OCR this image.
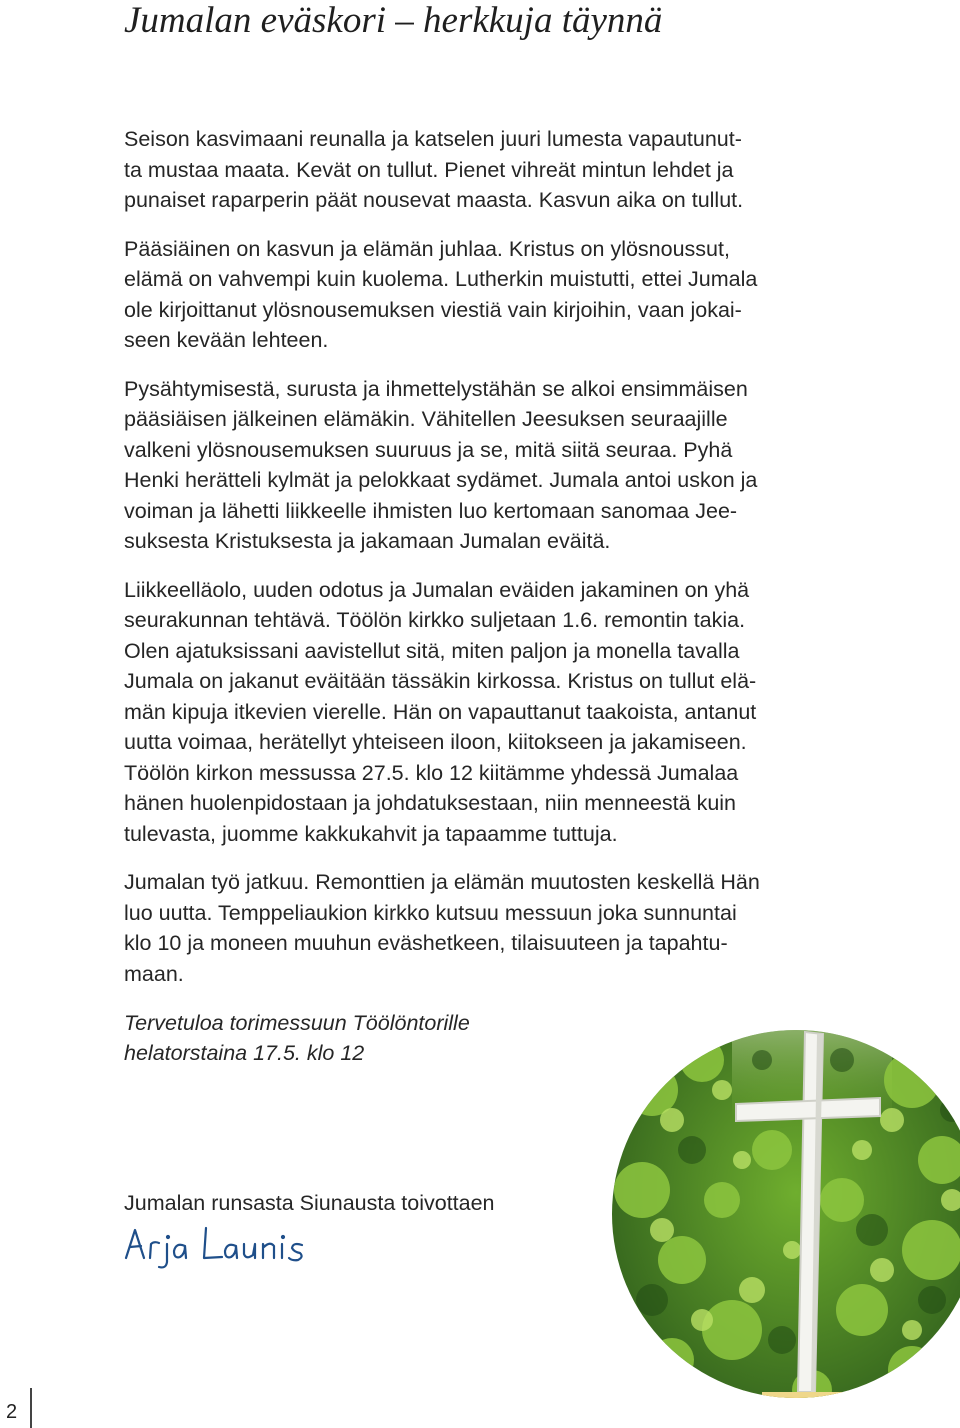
Jumalan eväskori – herkkuja täynnä

Seison kasvimaani reunalla ja katselen juuri lumesta vapautunut-
ta mustaa maata. Kevät on tullut. Pienet vihreät mintun lehdet ja
punaiset raparperin päät nousevat maasta. Kasvun aika on tullut.

Pääsiäinen on kasvun ja elämän juhlaa. Kristus on ylösnoussut,
elämä on vahvempi kuin kuolema. Lutherkin muistutti, ettei Jumala
ole kirjoittanut ylösnousemuksen viestiä vain kirjoihin, vaan jokai-
seen kevään lehteen.

Pysähtymisestä, surusta ja ihmettelystähän se alkoi ensimmäisen
pääsiäisen jälkeinen elämäkin. Vähitellen Jeesuksen seuraajille
valkeni ylösnousemuksen suuruus ja se, mitä siitä seuraa. Pyhä
Henki herätteli kylmät ja pelokkaat sydämet. Jumala antoi uskon ja
voiman ja lähetti liikkeelle ihmisten luo kertomaan sanomaa Jee-
suksesta Kristuksesta ja jakamaan Jumalan eväitä.

Liikkeelläolo, uuden odotus ja Jumalan eväiden jakaminen on yhä
seurakunnan tehtävä. Töölön kirkko suljetaan 1.6. remontin takia.
Olen ajatuksissani aavistellut sitä, miten paljon ja monella tavalla
Jumala on jakanut eväitään tässäkin kirkossa. Kristus on tullut elä-
män kipuja itkevien vierelle. Hän on vapauttanut taakoista, antanut
uutta voimaa, herätellyt yhteiseen iloon, kiitokseen ja jakamiseen.
Töölön kirkon messussa 27.5. klo 12 kiitämme yhdessä Jumalaa
hänen huolenpidostaan ja johdatuksestaan, niin menneestä kuin
tulevasta, juomme kakkukahvit ja tapaamme tuttuja.

Jumalan työ jatkuu. Remonttien ja elämän muutosten keskellä Hän
luo uutta. Temppeliaukion kirkko kutsuu messuun joka sunnuntai
klo 10 ja moneen muuhun eväshetkeen, tilaisuuteen ja tapahtu-
maan.

Tervetuloa torimessuun Töölöntorille
helatorstaina 17.5. klo 12
Jumalan runsasta Siunausta toivottaen
2
